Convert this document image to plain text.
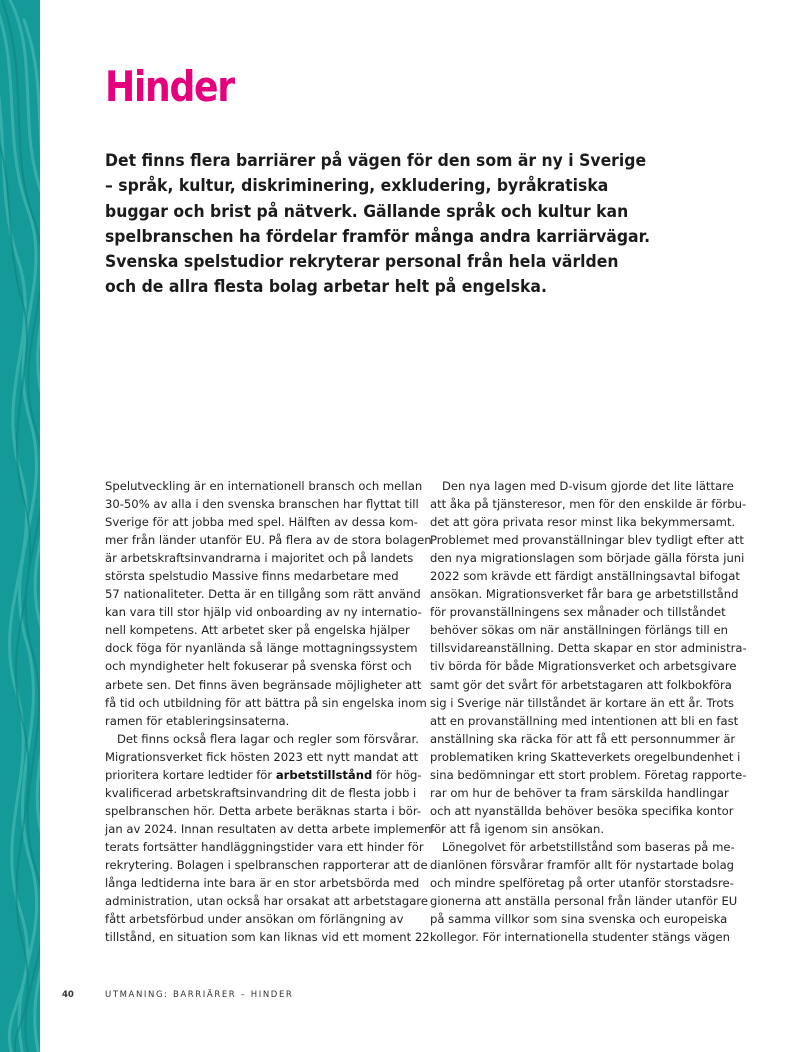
Hinder

Det finns flera barriärer på vägen för den som är ny i Sverige
– språk, kultur, diskriminering, exkludering, byråkratiska
buggar och brist på nätverk. Gällande språk och kultur kan
spelbranschen ha fördelar framför många andra karriärvägar.
Svenska spelstudior rekryterar personal från hela världen
och de allra flesta bolag arbetar helt på engelska.

Spelutveckling är en internationell bransch och mellan
30-50% av alla i den svenska branschen har flyttat till
Sverige för att jobba med spel. Hälften av dessa kom-
mer från länder utanför EU. På flera av de stora bolagen
är arbetskraftsinvandrarna i majoritet och på landets
största spelstudio Massive finns medarbetare med
57 nationaliteter. Detta är en tillgång som rätt använd
kan vara till stor hjälp vid onboarding av ny internatio-
nell kompetens. Att arbetet sker på engelska hjälper
dock föga för nyanlända så länge mottagningssystem
och myndigheter helt fokuserar på svenska först och
arbete sen. Det finns även begränsade möjligheter att
få tid och utbildning för att bättra på sin engelska inom
ramen för etableringsinsaterna.
Det finns också flera lagar och regler som försvårar.
Migrationsverket fick hösten 2023 ett nytt mandat att
prioritera kortare ledtider för arbetstillstånd för hög-
kvalificerad arbetskraftsinvandring dit de flesta jobb i
spelbranschen hör. Detta arbete beräknas starta i bör-
jan av 2024. Innan resultaten av detta arbete implemen-
terats fortsätter handläggningstider vara ett hinder för
rekrytering. Bolagen i spelbranschen rapporterar att de
långa ledtiderna inte bara är en stor arbetsbörda med
administration, utan också har orsakat att arbetstagare
fått arbetsförbud under ansökan om förlängning av
tillstånd, en situation som kan liknas vid ett moment 22.
Den nya lagen med D-visum gjorde det lite lättare
att åka på tjänsteresor, men för den enskilde är förbu-
det att göra privata resor minst lika bekymmersamt.
Problemet med provanställningar blev tydligt efter att
den nya migrationslagen som började gälla första juni
2022 som krävde ett färdigt anställningsavtal bifogat
ansökan. Migrationsverket får bara ge arbetstillstånd
för provanställningens sex månader och tillståndet
behöver sökas om när anställningen förlängs till en
tillsvidareanställning. Detta skapar en stor administra-
tiv börda för både Migrationsverket och arbetsgivare
samt gör det svårt för arbetstagaren att folkbokföra
sig i Sverige när tillståndet är kortare än ett år. Trots
att en provanställning med intentionen att bli en fast
anställning ska räcka för att få ett personnummer är
problematiken kring Skatteverkets oregelbundenhet i
sina bedömningar ett stort problem. Företag rapporte-
rar om hur de behöver ta fram särskilda handlingar
och att nyanställda behöver besöka specifika kontor
för att få igenom sin ansökan.
Lönegolvet för arbetstillstånd som baseras på me-
dianlönen försvårar framför allt för nystartade bolag
och mindre spelföretag på orter utanför storstadsre-
gionerna att anställa personal från länder utanför EU
på samma villkor som sina svenska och europeiska
kollegor. För internationella studenter stängs vägen
40	UTMANING: BARRIÄRER – HINDER
